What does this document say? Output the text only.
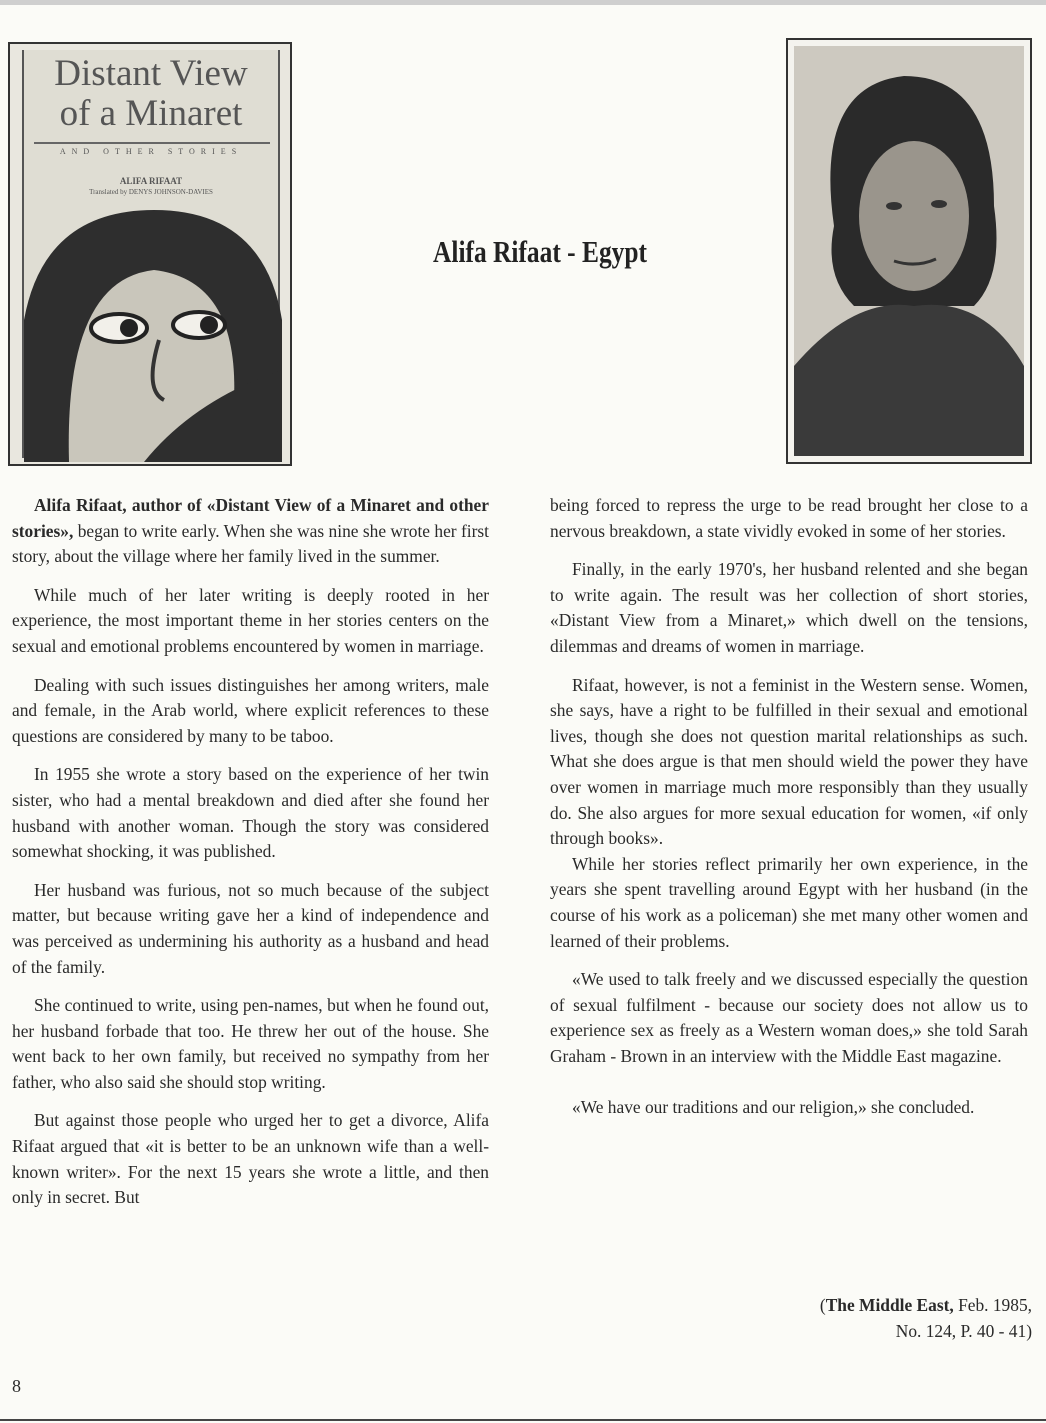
Distant View
of a Minaret
AND OTHER STORIES
ALIFA RIFAAT
Translated by DENYS JOHNSON-DAVIES
Alifa Rifaat - Egypt

Alifa Rifaat, author of «Distant View of a Minaret and other stories», began to write early. When she was nine she wrote her first story, about the village where her family lived in the summer.

While much of her later writing is deeply rooted in her experience, the most important theme in her stories centers on the sexual and emotional problems encountered by women in marriage.

Dealing with such issues distinguishes her among writers, male and female, in the Arab world, where explicit references to these questions are considered by many to be taboo.

In 1955 she wrote a story based on the experience of her twin sister, who had a mental breakdown and died after she found her husband with another woman. Though the story was considered somewhat shocking, it was published.

Her husband was furious, not so much because of the subject matter, but because writing gave her a kind of independence and was perceived as undermining his authority as a husband and head of the family.

She continued to write, using pen-names, but when he found out, her husband forbade that too. He threw her out of the house. She went back to her own family, but received no sympathy from her father, who also said she should stop writing.

But against those people who urged her to get a divorce, Alifa Rifaat argued that «it is better to be an unknown wife than a well-known writer». For the next 15 years she wrote a little, and then only in secret. But

being forced to repress the urge to be read brought her close to a nervous breakdown, a state vividly evoked in some of her stories.

Finally, in the early 1970's, her husband relented and she began to write again. The result was her collection of short stories, «Distant View from a Minaret,» which dwell on the tensions, dilemmas and dreams of women in marriage.

Rifaat, however, is not a feminist in the Western sense. Women, she says, have a right to be fulfilled in their sexual and emotional lives, though she does not question marital relationships as such. What she does argue is that men should wield the power they have over women in marriage much more responsibly than they usually do. She also argues for more sexual education for women, «if only through books».

While her stories reflect primarily her own experience, in the years she spent travelling around Egypt with her husband (in the course of his work as a policeman) she met many other women and learned of their problems.

«We used to talk freely and we discussed especially the question of sexual fulfilment - because our society does not allow us to experience sex as freely as a Western woman does,» she told Sarah Graham - Brown in an interview with the Middle East magazine.

«We have our traditions and our religion,» she concluded.

(The Middle East, Feb. 1985,
No. 124, P. 40 - 41)
8
